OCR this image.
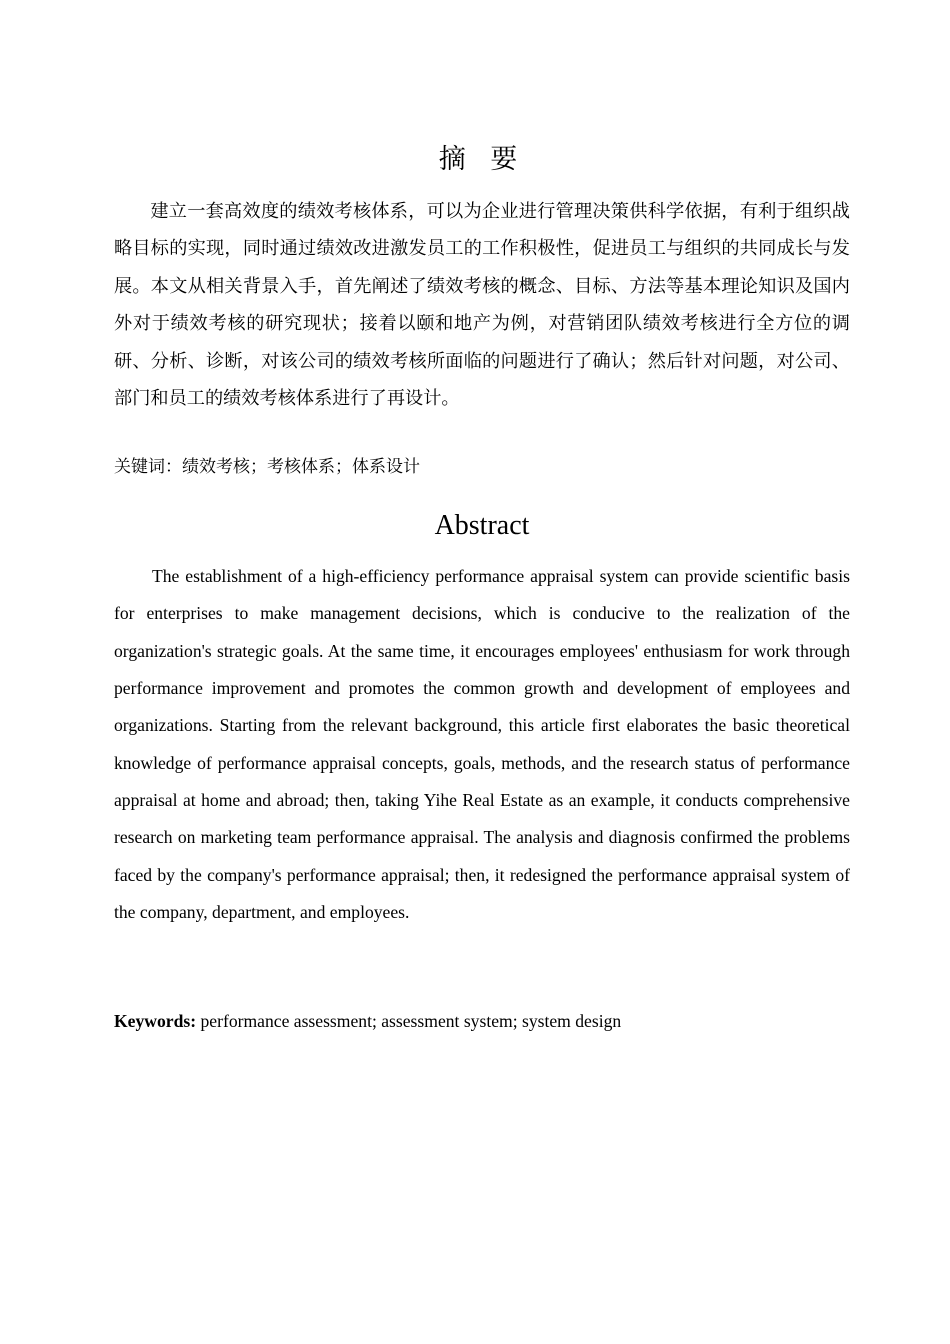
摘 要

建立一套高效度的绩效考核体系，可以为企业进行管理决策供科学依据，有利于组织战略目标的实现，同时通过绩效改进激发员工的工作积极性，促进员工与组织的共同成长与发展。本文从相关背景入手，首先阐述了绩效考核的概念、目标、方法等基本理论知识及国内外对于绩效考核的研究现状；接着以颐和地产为例，对营销团队绩效考核进行全方位的调研、分析、诊断，对该公司的绩效考核所面临的问题进行了确认；然后针对问题，对公司、部门和员工的绩效考核体系进行了再设计。

关键词：绩效考核；考核体系；体系设计

Abstract

The establishment of a high-efficiency performance appraisal system can provide scientific basis for enterprises to make management decisions, which is conducive to the realization of the organization's strategic goals. At the same time, it encourages employees' enthusiasm for work through performance improvement and promotes the common growth and development of employees and organizations. Starting from the relevant background, this article first elaborates the basic theoretical knowledge of performance appraisal concepts, goals, methods, and the research status of performance appraisal at home and abroad; then, taking Yihe Real Estate as an example, it conducts comprehensive research on marketing team performance appraisal. The analysis and diagnosis confirmed the problems faced by the company's performance appraisal; then, it redesigned the performance appraisal system of the company, department, and employees.

Keywords: performance assessment; assessment system; system design
